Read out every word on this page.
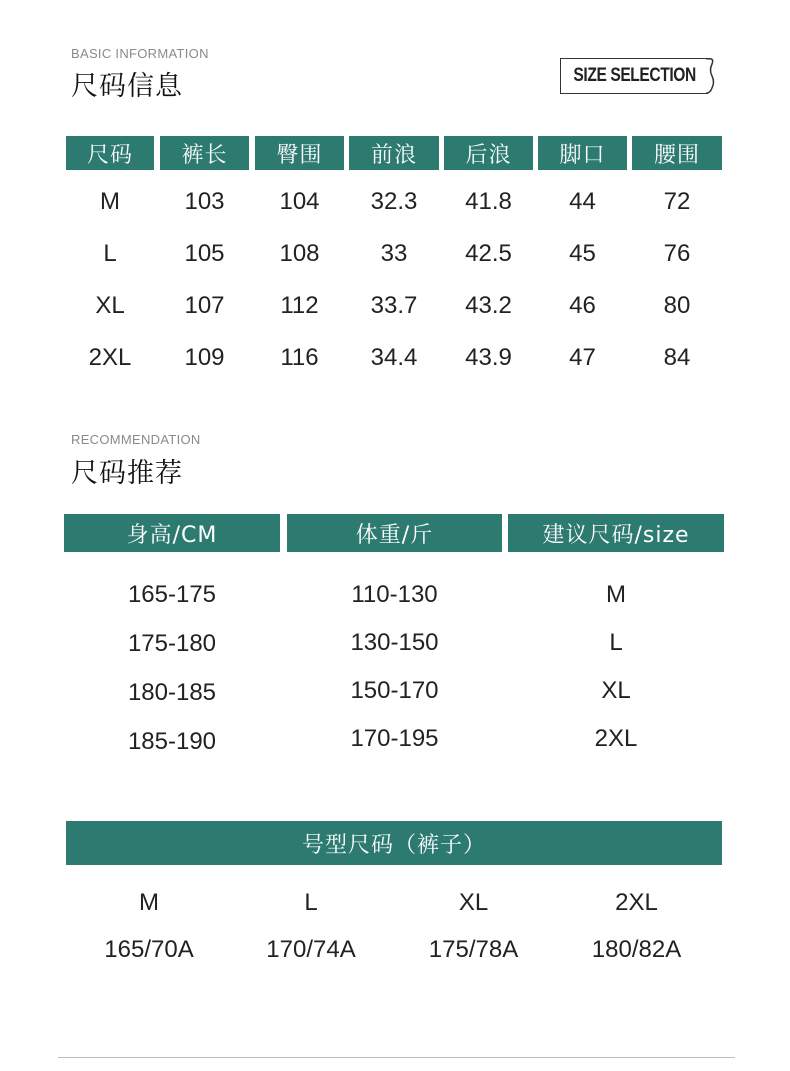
BASIC INFORMATION
尺码信息	SIZE SELECTION
尺码	裤长	臀围	前浪	后浪	脚口	腰围
M	103	104	32.3	41.8	44	72
L	105	108	33	42.5	45	76
XL	107	112	33.7	43.2	46	80
2XL	109	116	34.4	43.9	47	84
RECOMMENDATION
尺码推荐
身高/CM	体重/斤	建议尺码/size
165-175	110-130	M
175-180	130-150	L
180-185	150-170	XL
185-190	170-195	2XL
号型尺码（裤子）
M	L	XL	2XL
165/70A	170/74A	175/78A	180/82A
